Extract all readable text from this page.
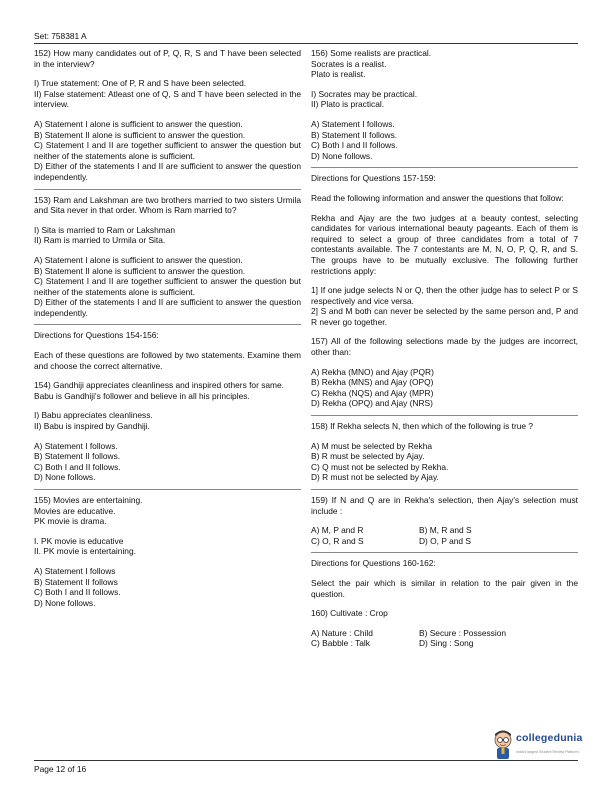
Set: 758381 A

152) How many candidates out of P, Q, R, S and T have been selected in the interview?

I) True statement: One of P, R and S have been selected.

II) False statement: Atleast one of Q, S and T have been selected in the interview.

A) Statement I alone is sufficient to answer the question.

B) Statement II alone is sufficient to answer the question.

C) Statement I and II are together sufficient to answer the question but neither of the statements alone is sufficient.

D) Either of the statements I and II are sufficient to answer the question independently.

153) Ram and Lakshman are two brothers married to two sisters Urmila and Sita never in that order. Whom is Ram married to?

I) Sita is married to Ram or Lakshman

II) Ram is married to Urmila or Sita.

A) Statement I alone is sufficient to answer the question.

B) Statement II alone is sufficient to answer the question.

C) Statement I and II are together sufficient to answer the question but neither of the statements alone is sufficient.

D) Either of the statements I and II are sufficient to answer the question independently.

Directions for Questions 154-156:

Each of these questions are followed by two statements. Examine them and choose the correct alternative.

154) Gandhiji appreciates cleanliness and inspired others for same.

Babu is Gandhiji's follower and believe in all his principles.

I) Babu appreciates cleanliness.

II) Babu is inspired by Gandhiji.

A) Statement I follows.

B) Statement II follows.

C) Both I and II follows.

D) None follows.

155) Movies are entertaining.

Movies are educative.

PK movie is drama.

I. PK movie is educative

II. PK movie is entertaining.

A) Statement I follows

B) Statement II follows

C) Both I and II follows.

D) None follows.

156) Some realists are practical.

Socrates is a realist.

Plato is realist.

I) Socrates may be practical.

II) Plato is practical.

A) Statement I follows.

B) Statement II follows.

C) Both I and II follows.

D) None follows.

Directions for Questions 157-159:

Read the following information and answer the questions that follow:

Rekha and Ajay are the two judges at a beauty contest, selecting candidates for various international beauty pageants. Each of them is required to select a group of three candidates from a total of 7 contestants available. The 7 contestants are M, N, O, P, Q, R, and S. The groups have to be mutually exclusive. The following further restrictions apply:

1] If one judge selects N or Q, then the other judge has to select P or S respectively and vice versa.

2] S and M both can never be selected by the same person and, P and R never go together.

157) All of the following selections made by the judges are incorrect, other than:

A) Rekha (MNO) and Ajay (PQR)

B) Rekha (MNS) and Ajay (OPQ)

C) Rekha (NQS) and Ajay (MPR)

D) Rekha (OPQ) and Ajay (NRS)

158) If Rekha selects N, then which of the following is true ?

A) M must be selected by Rekha

B) R must be selected by Ajay.

C) Q must not be selected by Rekha.

D) R must not be selected by Ajay.

159) If N and Q are in Rekha's selection, then Ajay's selection must include :

A) M, P and R	B) M, R and S
C) O, R and S	D) O, P and S

Directions for Questions 160-162:

Select the pair which is similar in relation to the pair given in the question.

160) Cultivate : Crop

A) Nature : Child	B) Secure : Possession
C) Babble : Talk	D) Sing : Song
collegedunia
India's largest Student Review Platform
Page 12 of 16
